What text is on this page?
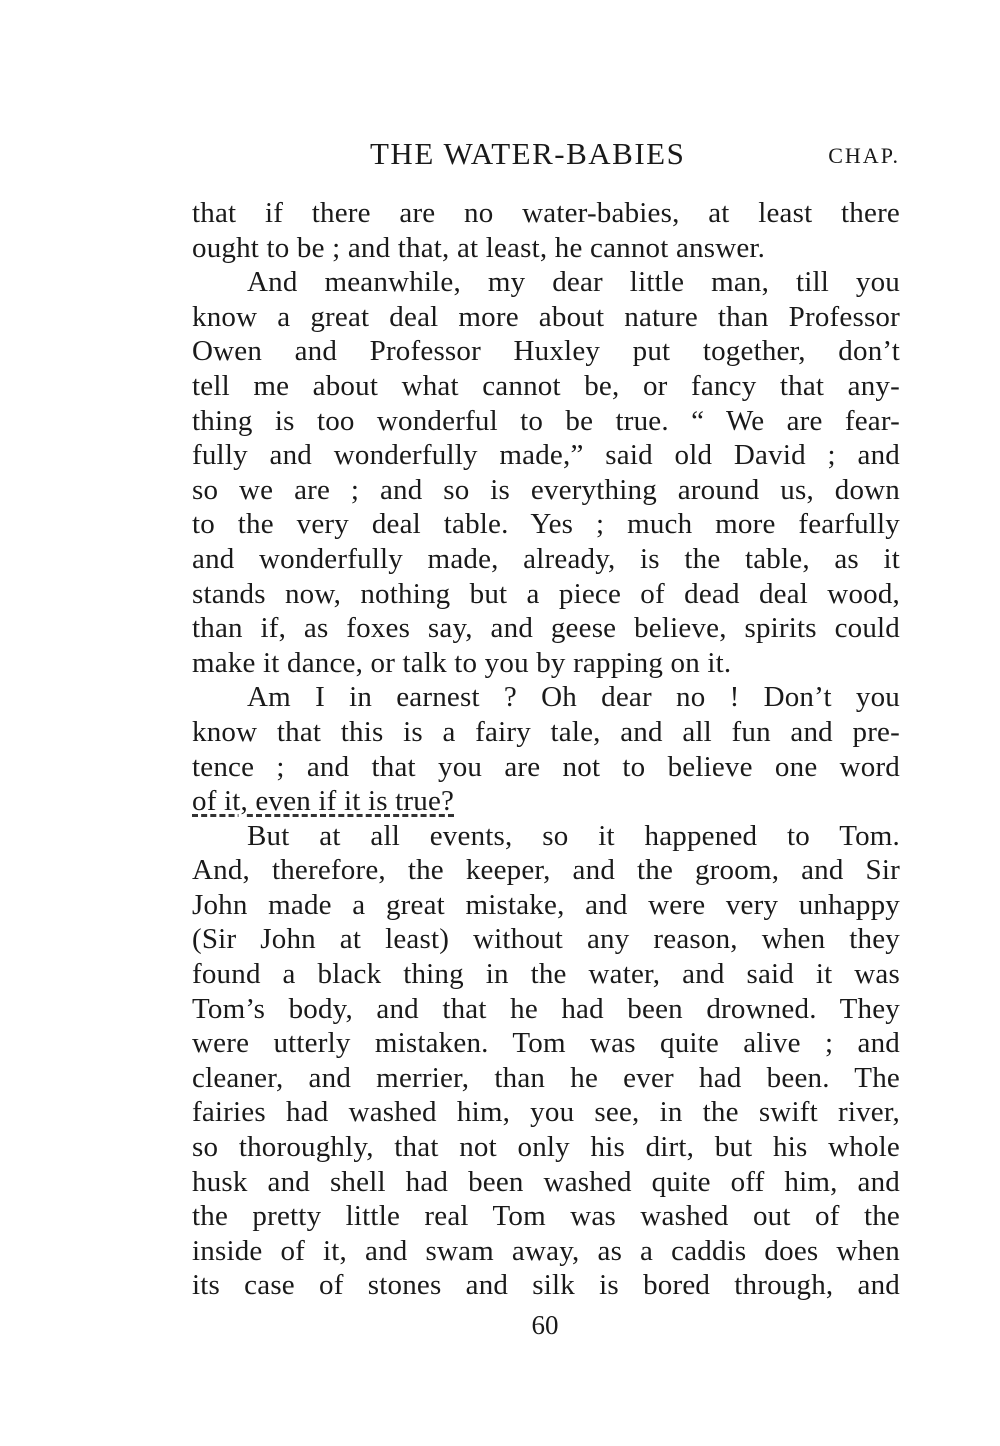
THE WATER-BABIES	CHAP.
that if there are no water-babies, at least there
ought to be ; and that, at least, he cannot answer.
And meanwhile, my dear little man, till you
know a great deal more about nature than Professor
Owen and Professor Huxley put together, don’t
tell me about what cannot be, or fancy that any-
thing is too wonderful to be true. “ We are fear-
fully and wonderfully made,” said old David ; and
so we are ; and so is everything around us, down
to the very deal table. Yes ; much more fearfully
and wonderfully made, already, is the table, as it
stands now, nothing but a piece of dead deal wood,
than if, as foxes say, and geese believe, spirits could
make it dance, or talk to you by rapping on it.
Am I in earnest ? Oh dear no ! Don’t you
know that this is a fairy tale, and all fun and pre-
tence ; and that you are not to believe one word
of it, even if it is true?
But at all events, so it happened to Tom.
And, therefore, the keeper, and the groom, and Sir
John made a great mistake, and were very unhappy
(Sir John at least) without any reason, when they
found a black thing in the water, and said it was
Tom’s body, and that he had been drowned. They
were utterly mistaken. Tom was quite alive ; and
cleaner, and merrier, than he ever had been. The
fairies had washed him, you see, in the swift river,
so thoroughly, that not only his dirt, but his whole
husk and shell had been washed quite off him, and
the pretty little real Tom was washed out of the
inside of it, and swam away, as a caddis does when
its case of stones and silk is bored through, and
60
